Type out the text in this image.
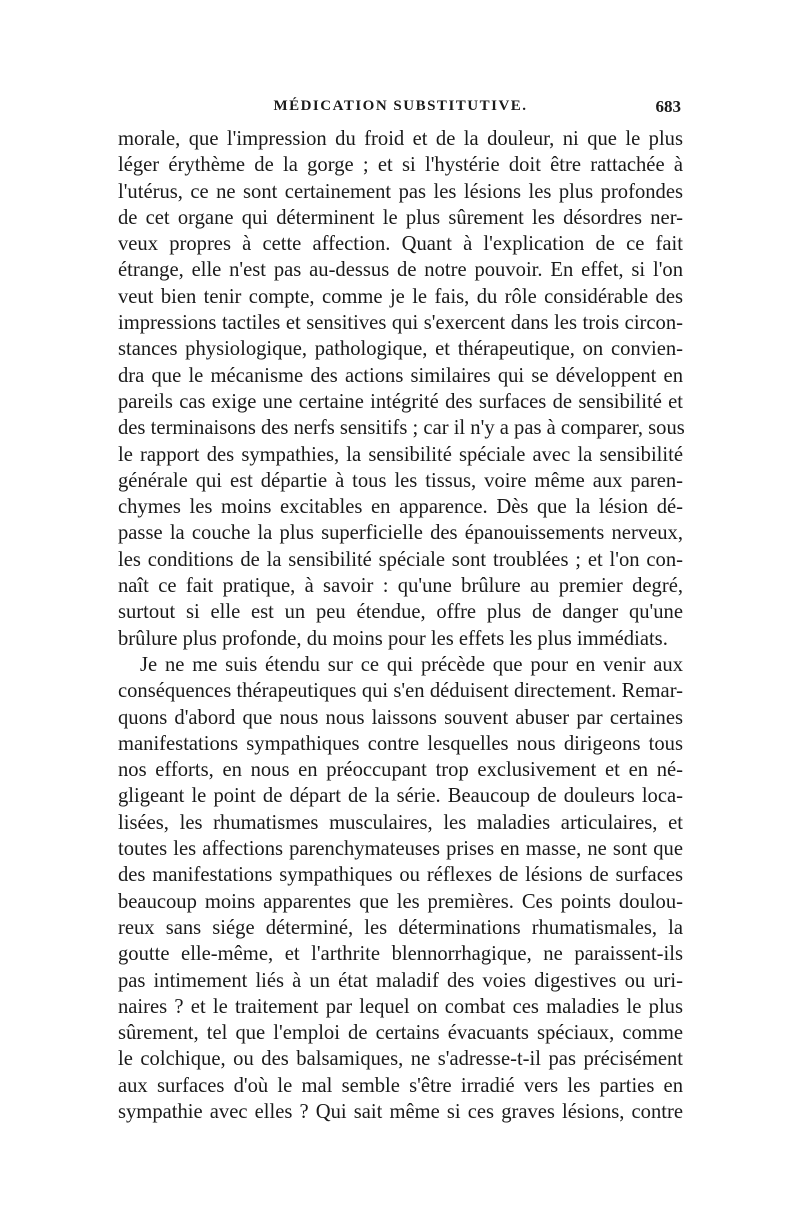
MÉDICATION SUBSTITUTIVE.	683
morale, que l'impression du froid et de la douleur, ni que le plus
léger érythème de la gorge ; et si l'hystérie doit être rattachée à
l'utérus, ce ne sont certainement pas les lésions les plus profondes
de cet organe qui déterminent le plus sûrement les désordres ner-
veux propres à cette affection. Quant à l'explication de ce fait
étrange, elle n'est pas au-dessus de notre pouvoir. En effet, si l'on
veut bien tenir compte, comme je le fais, du rôle considérable des
impressions tactiles et sensitives qui s'exercent dans les trois circon-
stances physiologique, pathologique, et thérapeutique, on convien-
dra que le mécanisme des actions similaires qui se développent en
pareils cas exige une certaine intégrité des surfaces de sensibilité et
des terminaisons des nerfs sensitifs ; car il n'y a pas à comparer, sous
le rapport des sympathies, la sensibilité spéciale avec la sensibilité
générale qui est départie à tous les tissus, voire même aux paren-
chymes les moins excitables en apparence. Dès que la lésion dé-
passe la couche la plus superficielle des épanouissements nerveux,
les conditions de la sensibilité spéciale sont troublées ; et l'on con-
naît ce fait pratique, à savoir : qu'une brûlure au premier degré,
surtout si elle est un peu étendue, offre plus de danger qu'une
brûlure plus profonde, du moins pour les effets les plus immédiats.
Je ne me suis étendu sur ce qui précède que pour en venir aux
conséquences thérapeutiques qui s'en déduisent directement. Remar-
quons d'abord que nous nous laissons souvent abuser par certaines
manifestations sympathiques contre lesquelles nous dirigeons tous
nos efforts, en nous en préoccupant trop exclusivement et en né-
gligeant le point de départ de la série. Beaucoup de douleurs loca-
lisées, les rhumatismes musculaires, les maladies articulaires, et
toutes les affections parenchymateuses prises en masse, ne sont que
des manifestations sympathiques ou réflexes de lésions de surfaces
beaucoup moins apparentes que les premières. Ces points doulou-
reux sans siége déterminé, les déterminations rhumatismales, la
goutte elle-même, et l'arthrite blennorrhagique, ne paraissent-ils
pas intimement liés à un état maladif des voies digestives ou uri-
naires ? et le traitement par lequel on combat ces maladies le plus
sûrement, tel que l'emploi de certains évacuants spéciaux, comme
le colchique, ou des balsamiques, ne s'adresse-t-il pas précisément
aux surfaces d'où le mal semble s'être irradié vers les parties en
sympathie avec elles ? Qui sait même si ces graves lésions, contre
